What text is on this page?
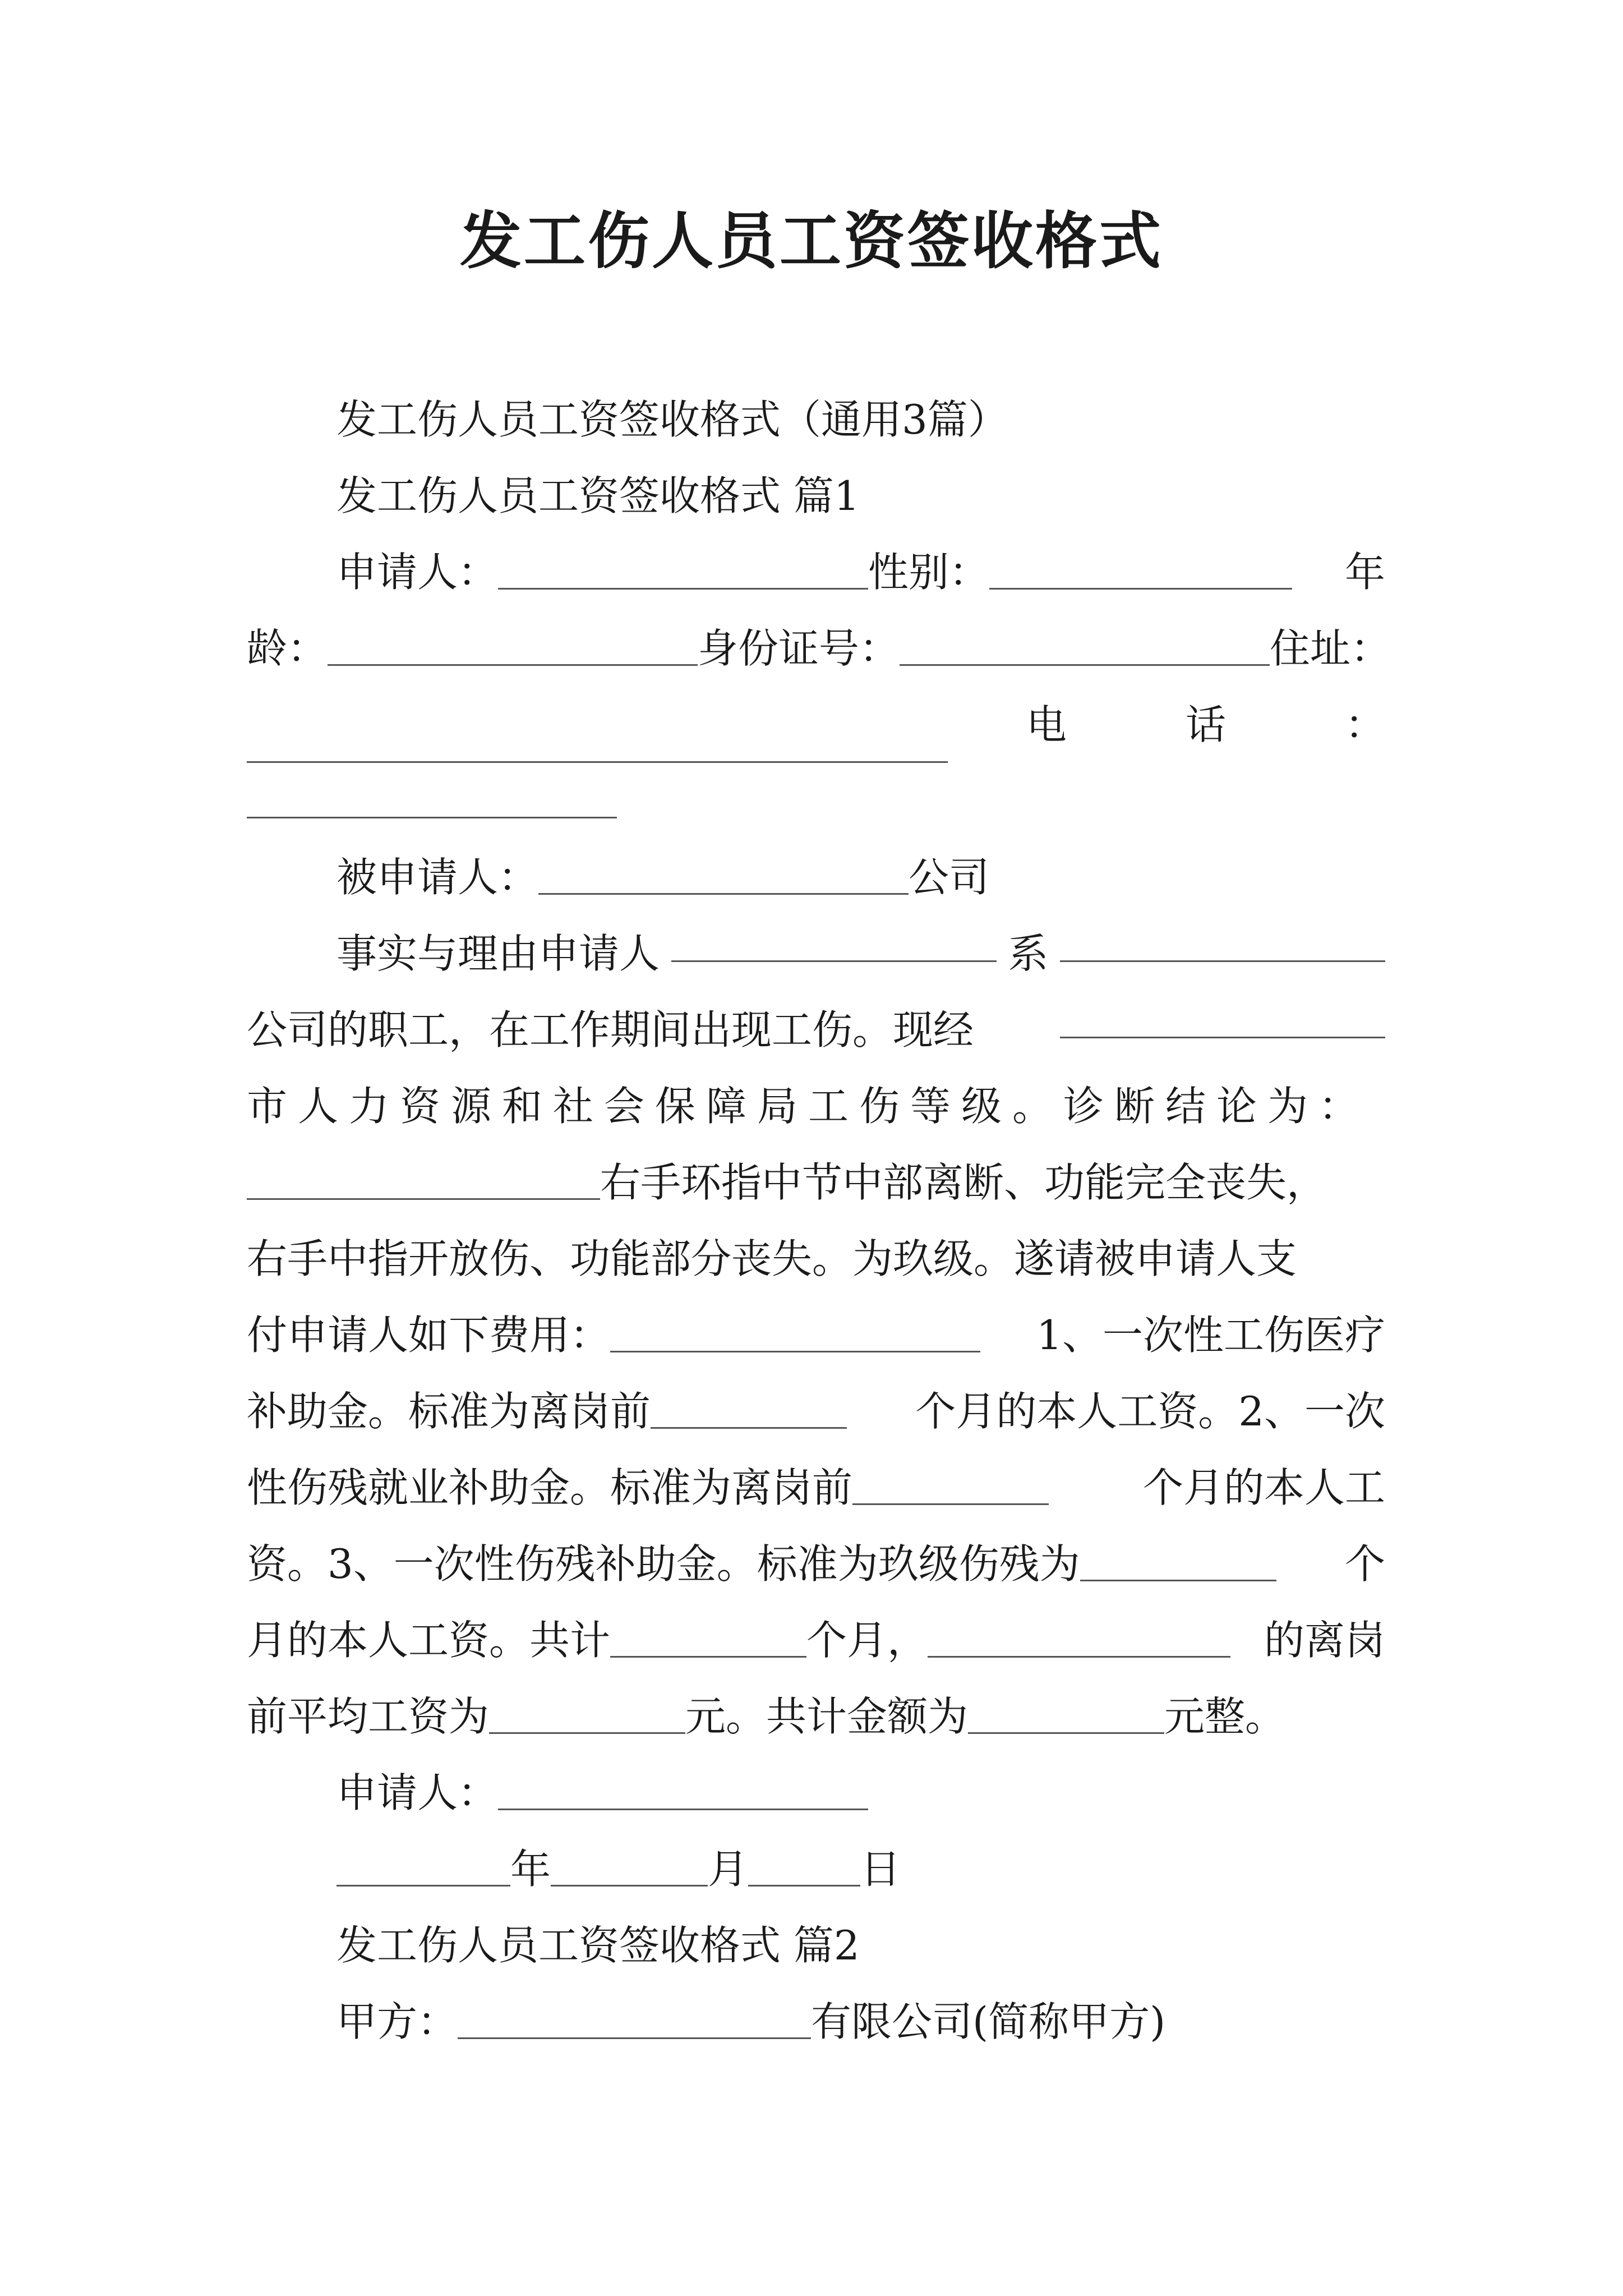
发工伤人员工资签收格式

发工伤人员工资签收格式（通用3篇）

发工伤人员工资签收格式 篇1

申请人：	性别：	年

龄：	身份证号：	住址：

电	话	：

被申请人：	公司

事实与理由申请人	系

公司的职工，在工作期间出现工伤。现经

市人力资源和社会保障局工伤等级。诊断结论为：

右手环指中节中部离断、功能完全丧失，

右手中指开放伤、功能部分丧失。为玖级。遂请被申请人支

付申请人如下费用：	1、一次性工伤医疗

补助金。标准为离岗前	个月的本人工资。2、一次

性伤残就业补助金。标准为离岗前	个月的本人工

资。3、一次性伤残补助金。标准为玖级伤残为	个

月的本人工资。共计	个月，	的离岗

前平均工资为	元。共计金额为	元整。

申请人：

年	月	日

发工伤人员工资签收格式 篇2

甲方：	有限公司(简称甲方)
